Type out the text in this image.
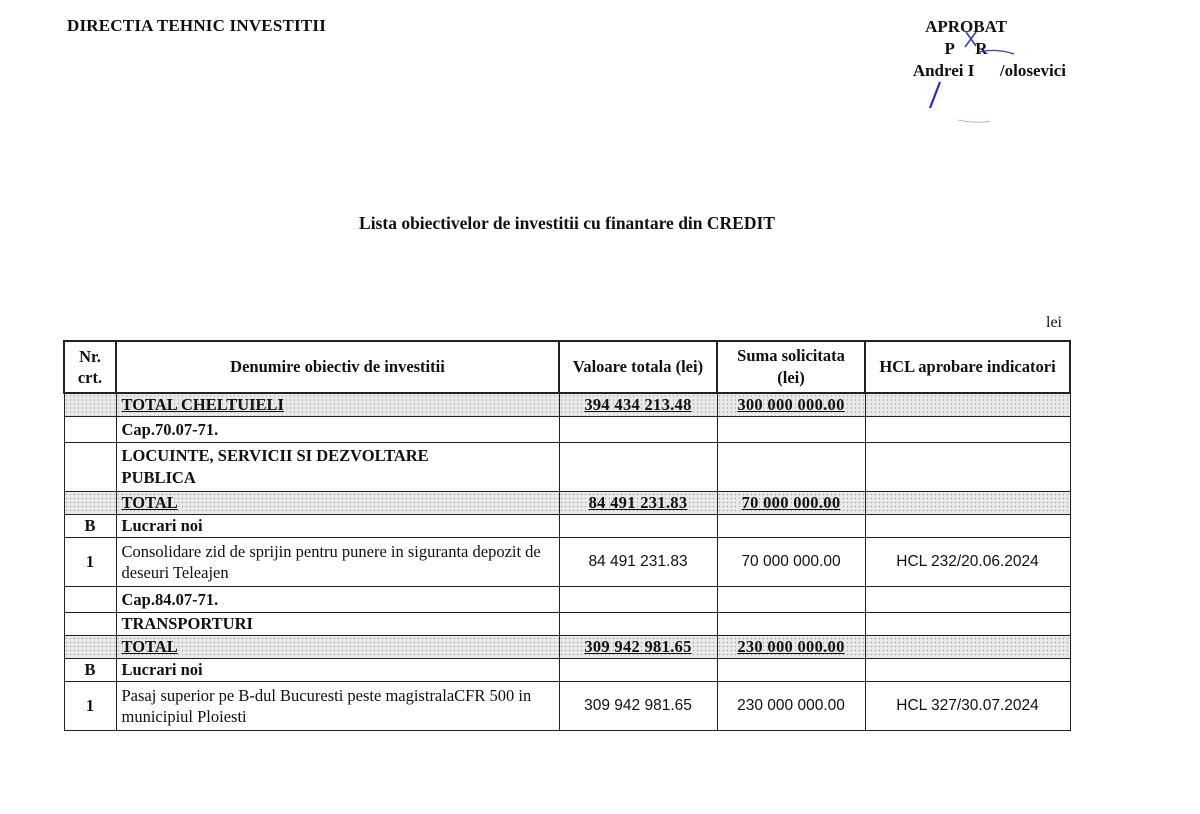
DIRECTIA TEHNIC INVESTITII	APROBAT
P     R
Andrei I      /olosevici
Lista obiectivelor de investitii cu finantare din CREDIT
lei
Nr. crt.	Denumire obiectiv de investitii	Valoare totala (lei)	Suma solicitata (lei)	HCL aprobare indicatori
	TOTAL CHELTUIELI	394 434 213.48	300 000 000.00	
	Cap.70.07-71.			
	LOCUINTE, SERVICII SI DEZVOLTARE PUBLICA			
	TOTAL	84 491 231.83	70 000 000.00	
B	Lucrari noi			
1	Consolidare zid de sprijin pentru punere in siguranta depozit de deseuri Teleajen	84 491 231.83	70 000 000.00	HCL 232/20.06.2024
	Cap.84.07-71.			
	TRANSPORTURI			
	TOTAL	309 942 981.65	230 000 000.00	
B	Lucrari noi			
1	Pasaj superior pe B-dul Bucuresti peste magistralaCFR 500 in municipiul Ploiesti	309 942 981.65	230 000 000.00	HCL 327/30.07.2024
